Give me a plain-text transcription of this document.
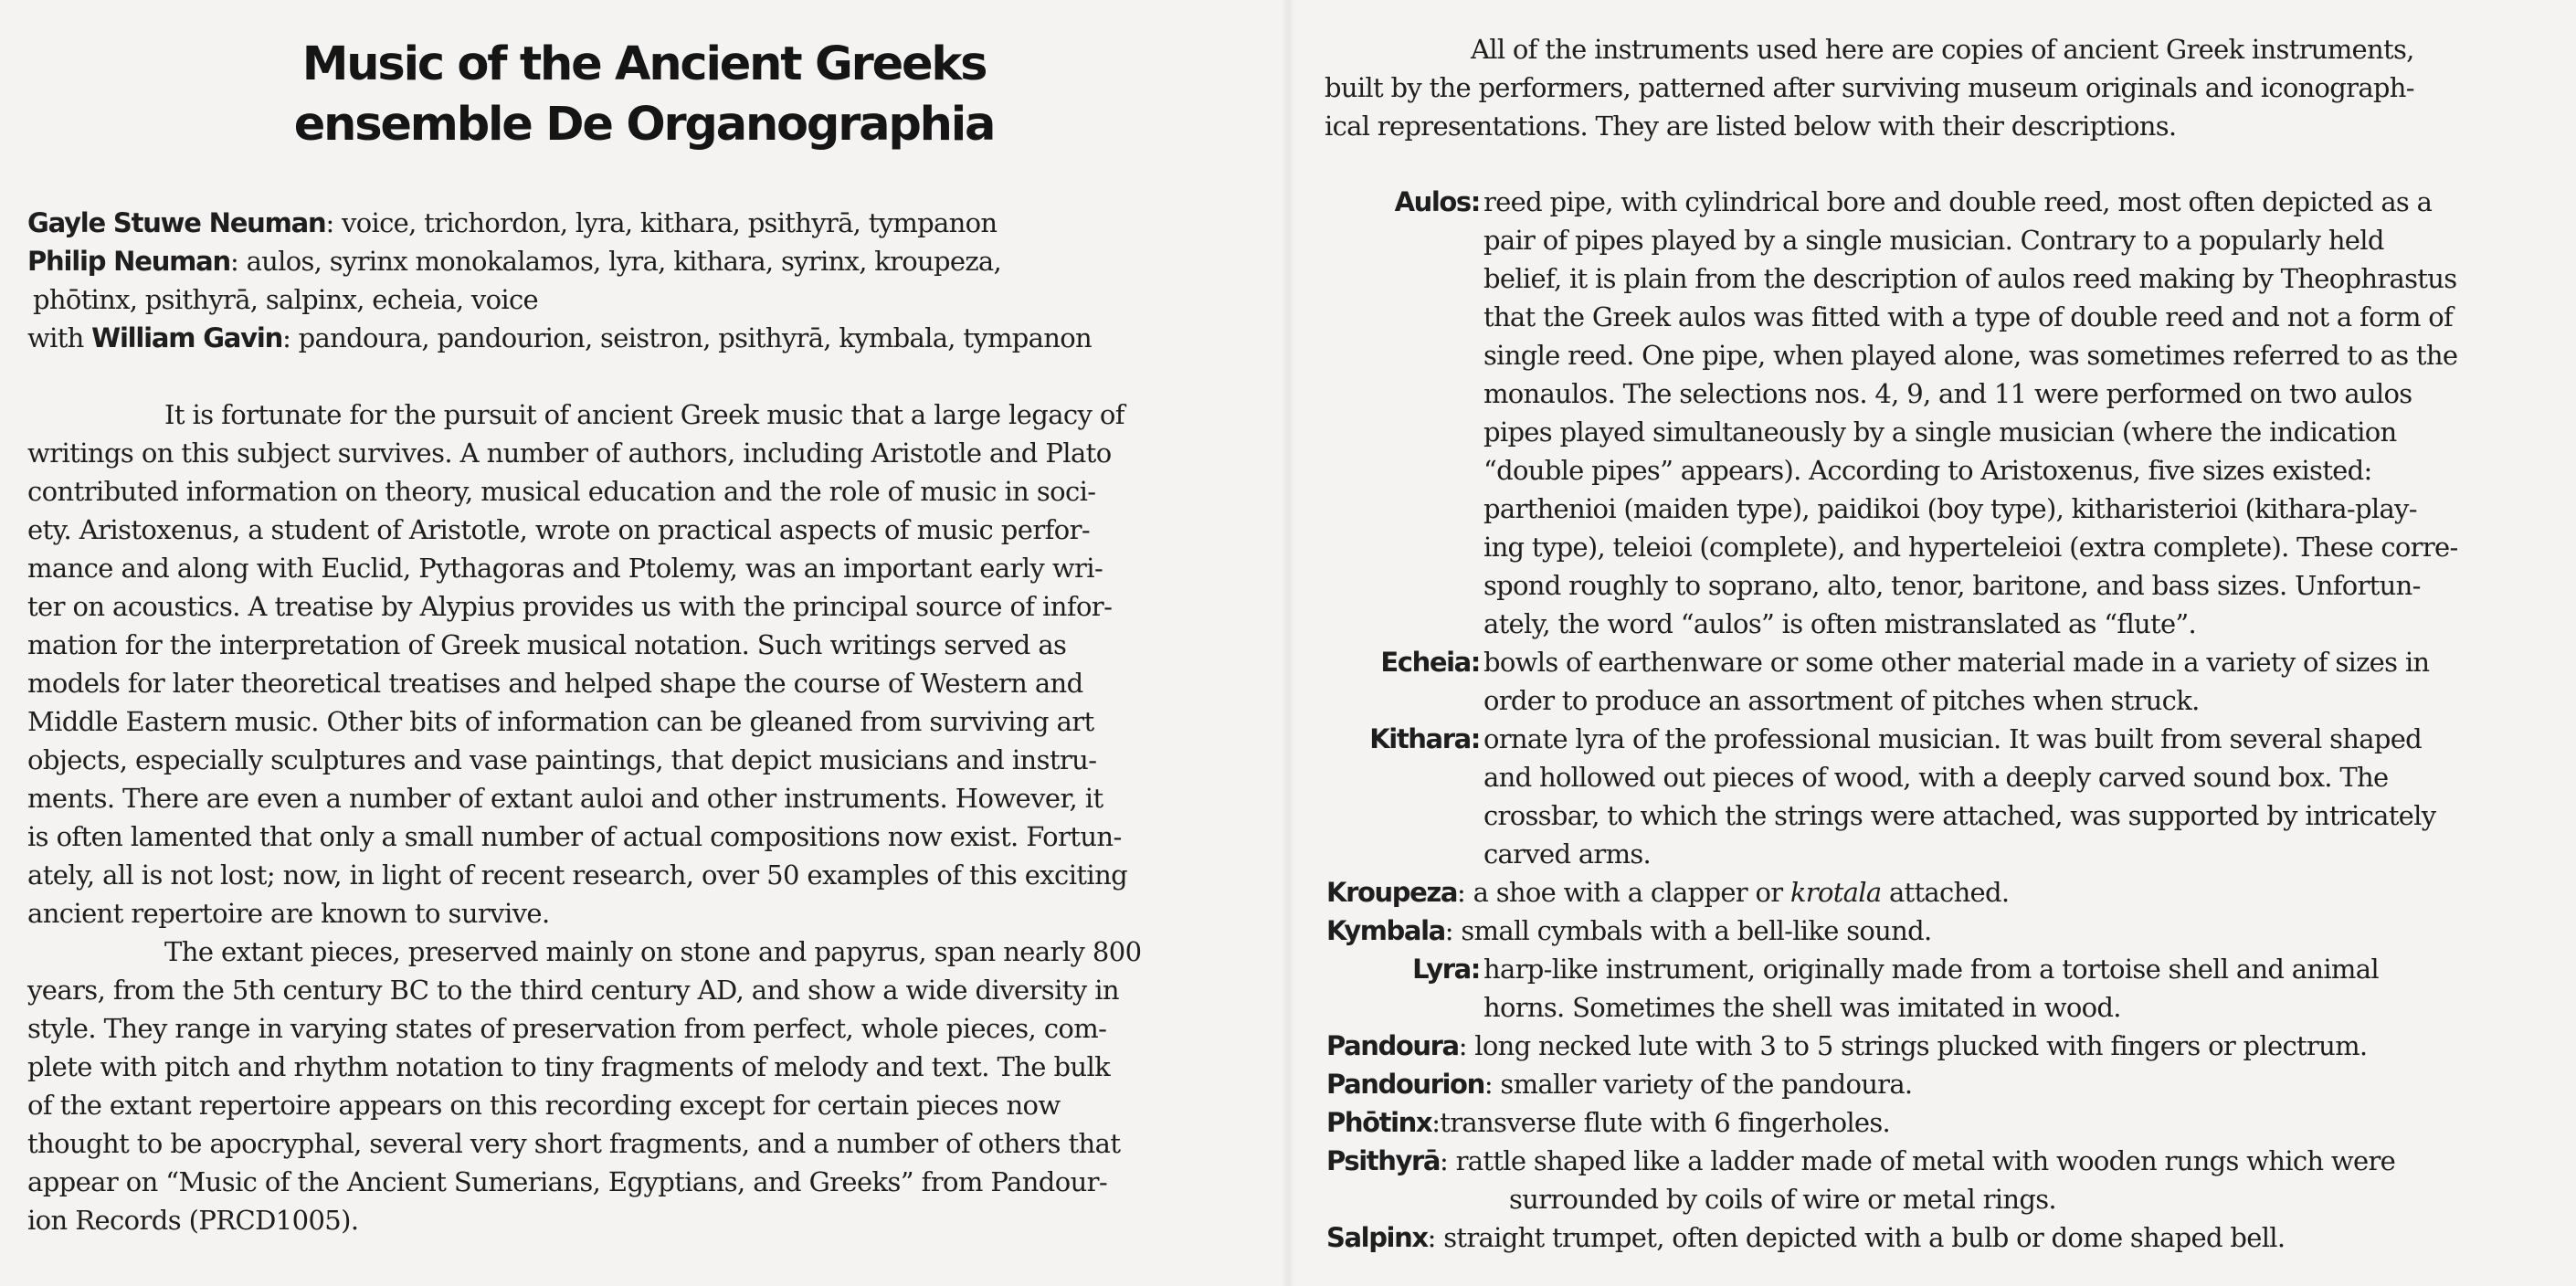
Music of the Ancient Greeks
ensemble De Organographia
Gayle Stuwe Neuman: voice, trichordon, lyra, kithara, psithyrā, tympanon
Philip Neuman: aulos, syrinx monokalamos, lyra, kithara, syrinx, kroupeza,
phōtinx, psithyrā, salpinx, echeia, voice
with William Gavin: pandoura, pandourion, seistron, psithyrā, kymbala, tympanon
It is fortunate for the pursuit of ancient Greek music that a large legacy of
writings on this subject survives. A number of authors, including Aristotle and Plato
contributed information on theory, musical education and the role of music in soci-
ety. Aristoxenus, a student of Aristotle, wrote on practical aspects of music perfor-
mance and along with Euclid, Pythagoras and Ptolemy, was an important early wri-
ter on acoustics. A treatise by Alypius provides us with the principal source of infor-
mation for the interpretation of Greek musical notation. Such writings served as
models for later theoretical treatises and helped shape the course of Western and
Middle Eastern music. Other bits of information can be gleaned from surviving art
objects, especially sculptures and vase paintings, that depict musicians and instru-
ments. There are even a number of extant auloi and other instruments. However, it
is often lamented that only a small number of actual compositions now exist. Fortun-
ately, all is not lost; now, in light of recent research, over 50 examples of this exciting
ancient repertoire are known to survive.
The extant pieces, preserved mainly on stone and papyrus, span nearly 800
years, from the 5th century BC to the third century AD, and show a wide diversity in
style. They range in varying states of preservation from perfect, whole pieces, com-
plete with pitch and rhythm notation to tiny fragments of melody and text. The bulk
of the extant repertoire appears on this recording except for certain pieces now
thought to be apocryphal, several very short fragments, and a number of others that
appear on “Music of the Ancient Sumerians, Egyptians, and Greeks” from Pandour-
ion Records (PRCD1005).
All of the instruments used here are copies of ancient Greek instruments,
built by the performers, patterned after surviving museum originals and iconograph-
ical representations. They are listed below with their descriptions.
Aulos: reed pipe, with cylindrical bore and double reed, most often depicted as a
pair of pipes played by a single musician. Contrary to a popularly held
belief, it is plain from the description of aulos reed making by Theophrastus
that the Greek aulos was fitted with a type of double reed and not a form of
single reed. One pipe, when played alone, was sometimes referred to as the
monaulos. The selections nos. 4, 9, and 11 were performed on two aulos
pipes played simultaneously by a single musician (where the indication
“double pipes” appears). According to Aristoxenus, five sizes existed:
parthenioi (maiden type), paidikoi (boy type), kitharisterioi (kithara-play-
ing type), teleioi (complete), and hyperteleioi (extra complete). These corre-
spond roughly to soprano, alto, tenor, baritone, and bass sizes. Unfortun-
ately, the word “aulos” is often mistranslated as “flute”.
Echeia: bowls of earthenware or some other material made in a variety of sizes in
order to produce an assortment of pitches when struck.
Kithara: ornate lyra of the professional musician. It was built from several shaped
and hollowed out pieces of wood, with a deeply carved sound box. The
crossbar, to which the strings were attached, was supported by intricately
carved arms.
Kroupeza: a shoe with a clapper or krotala attached.
Kymbala: small cymbals with a bell-like sound.
Lyra: harp-like instrument, originally made from a tortoise shell and animal
horns. Sometimes the shell was imitated in wood.
Pandoura: long necked lute with 3 to 5 strings plucked with fingers or plectrum.
Pandourion: smaller variety of the pandoura.
Phōtinx:transverse flute with 6 fingerholes.
Psithyrā: rattle shaped like a ladder made of metal with wooden rungs which were
surrounded by coils of wire or metal rings.
Salpinx: straight trumpet, often depicted with a bulb or dome shaped bell.
